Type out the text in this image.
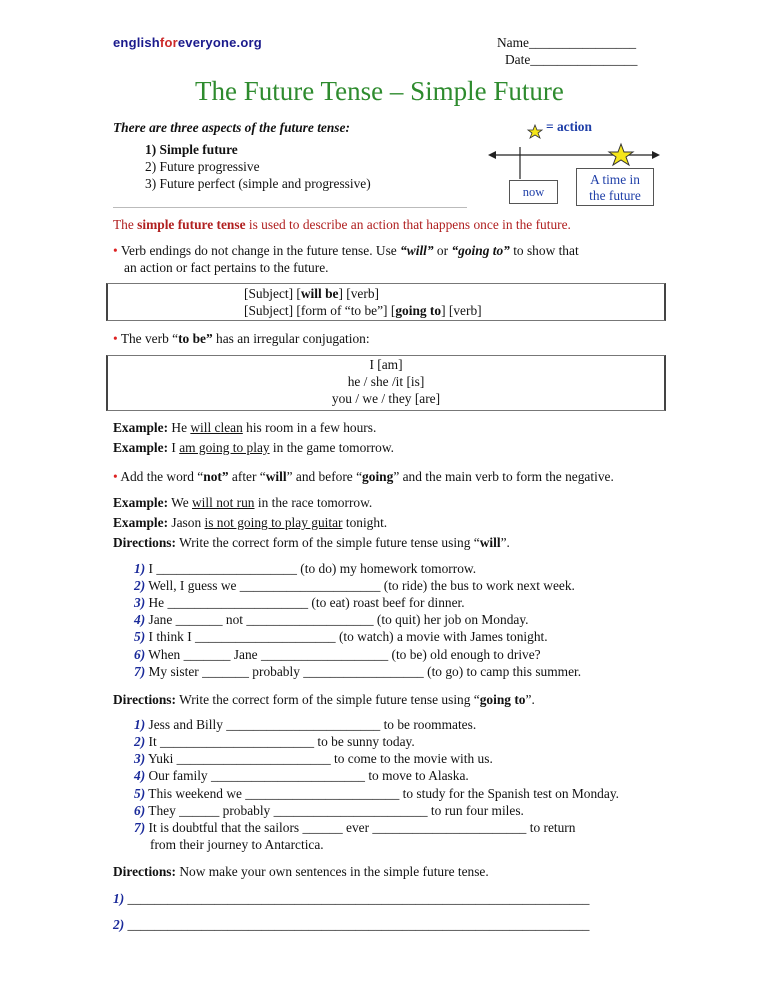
englishforeveryone.org	Name________________
Date________________
The Future Tense – Simple Future
There are three aspects of the future tense:
1) Simple future
2) Future progressive
3) Future perfect (simple and progressive)
= action
now
A time in
the future
The simple future tense is used to describe an action that happens once in the future.
• Verb endings do not change in the future tense. Use “will” or “going to” to show that
an action or fact pertains to the future.
[Subject] [will be] [verb]
[Subject] [form of “to be”] [going to] [verb]
• The verb “to be” has an irregular conjugation:
I [am]
he / she /it [is]
you / we / they [are]
Example: He will clean his room in a few hours.
Example: I am going to play in the game tomorrow.
• Add the word “not” after “will” and before “going” and the main verb to form the negative.
Example: We will not run in the race tomorrow.
Example: Jason is not going to play guitar tonight.
Directions: Write the correct form of the simple future tense using “will”.
1) I _____________________ (to do) my homework tomorrow.
2) Well, I guess we _____________________ (to ride) the bus to work next week.
3) He _____________________ (to eat) roast beef for dinner.
4) Jane _______ not ___________________ (to quit) her job on Monday.
5) I think I _____________________ (to watch) a movie with James tonight.
6) When _______ Jane ___________________ (to be) old enough to drive?
7) My sister _______ probably __________________ (to go) to camp this summer.
Directions: Write the correct form of the simple future tense using “going to”.
1) Jess and Billy _______________________ to be roommates.
2) It _______________________ to be sunny today.
3) Yuki _______________________ to come to the movie with us.
4) Our family _______________________ to move to Alaska.
5) This weekend we _______________________ to study for the Spanish test on Monday.
6) They ______ probably _______________________ to run four miles.
7) It is doubtful that the sailors ______ ever _______________________ to return
from their journey to Antarctica.
Directions: Now make your own sentences in the simple future tense.
1) _____________________________________________________________________
2) _____________________________________________________________________
